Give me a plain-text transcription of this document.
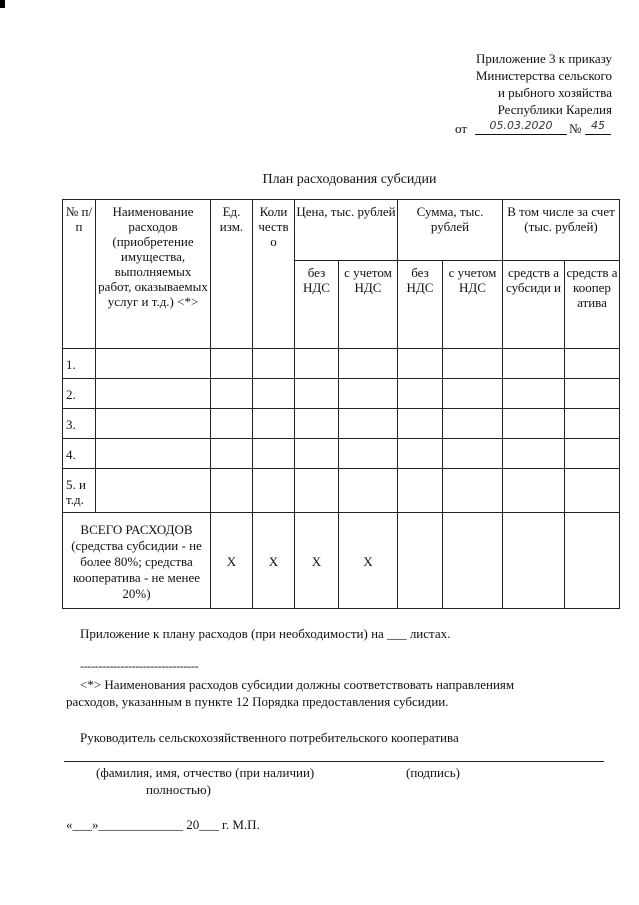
Приложение 3 к приказу
Министерства сельского
и рыбного хозяйства
Республики Карелия
от	05.03.2020	№ 45
План расходования субсидии
№ п/п	Наименование расходов (приобретение имущества, выполняемых работ, оказываемых услуг и т.д.) <*>	Ед. изм.	Коли честв о	Цена, тыс. рублей		Сумма, тыс. рублей		В том числе за счет (тыс. рублей)	
				без НДС	с учетом НДС	без НДС	с учетом НДС	средств а субсиди и	средств а коопер атива
1.									
2.									
3.									
4.									
5. и т.д.									
ВСЕГО РАСХОДОВ (средства субсидии - не более 80%; средства кооператива - не менее 20%)		X	X	X	X				
Приложение к плану расходов (при необходимости) на ___ листах.
--------------------------------
<*> Наименования расходов субсидии должны соответствовать направлениям
расходов, указанным в пункте 12 Порядка предоставления субсидии.
Руководитель сельскохозяйственного потребительского кооператива
(фамилия, имя, отчество (при наличии)
полностью)
(подпись)
«___»_____________ 20___ г. М.П.
